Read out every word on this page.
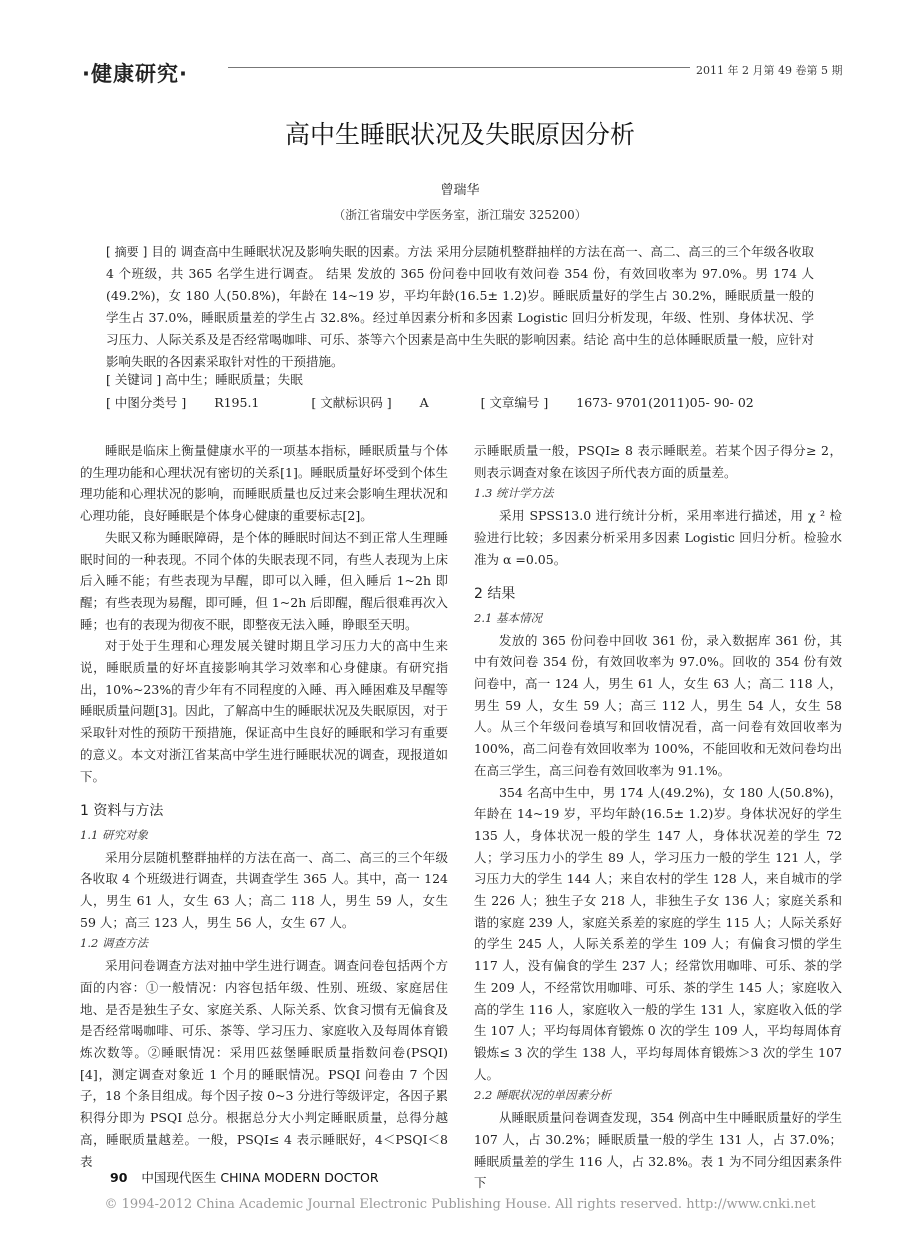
·健康研究·	2011 年 2 月第 49 卷第 5 期
高中生睡眠状况及失眠原因分析
曾瑞华
（浙江省瑞安中学医务室，浙江瑞安 325200）
[ 摘要 ] 目的 调查高中生睡眠状况及影响失眠的因素。方法 采用分层随机整群抽样的方法在高一、高二、高三的三个年级各收取 4 个班级，共 365 名学生进行调查。 结果 发放的 365 份问卷中回收有效问卷 354 份，有效回收率为 97.0%。男 174 人(49.2%)，女 180 人(50.8%)，年龄在 14~19 岁，平均年龄(16.5± 1.2)岁。睡眠质量好的学生占 30.2%，睡眠质量一般的学生占 37.0%，睡眠质量差的学生占 32.8%。经过单因素分析和多因素 Logistic 回归分析发现，年级、性别、身体状况、学习压力、人际关系及是否经常喝咖啡、可乐、茶等六个因素是高中生失眠的影响因素。结论 高中生的总体睡眠质量一般，应针对影响失眠的各因素采取针对性的干预措施。
[ 关键词 ] 高中生；睡眠质量；失眠
[ 中图分类号 ] R195.1	[ 文献标识码 ] A	[ 文章编号 ] 1673- 9701(2011)05- 90- 02

睡眠是临床上衡量健康水平的一项基本指标，睡眠质量与个体的生理功能和心理状况有密切的关系[1]。睡眠质量好坏受到个体生理功能和心理状况的影响，而睡眠质量也反过来会影响生理状况和心理功能，良好睡眠是个体身心健康的重要标志[2]。

失眠又称为睡眠障碍，是个体的睡眠时间达不到正常人生理睡眠时间的一种表现。不同个体的失眠表现不同，有些人表现为上床后入睡不能；有些表现为早醒，即可以入睡，但入睡后 1~2h 即醒；有些表现为易醒，即可睡，但 1~2h 后即醒，醒后很难再次入睡；也有的表现为彻夜不眠，即整夜无法入睡，睁眼至天明。

对于处于生理和心理发展关键时期且学习压力大的高中生来说，睡眠质量的好坏直接影响其学习效率和心身健康。有研究指出，10%~23%的青少年有不同程度的入睡、再入睡困难及早醒等睡眠质量问题[3]。因此，了解高中生的睡眠状况及失眠原因，对于采取针对性的预防干预措施，保证高中生良好的睡眠和学习有重要的意义。本文对浙江省某高中学生进行睡眠状况的调查，现报道如下。

1 资料与方法
1.1 研究对象

采用分层随机整群抽样的方法在高一、高二、高三的三个年级各收取 4 个班级进行调查，共调查学生 365 人。其中，高一 124 人，男生 61 人，女生 63 人；高二 118 人，男生 59 人，女生 59 人；高三 123 人，男生 56 人，女生 67 人。

1.2 调查方法

采用问卷调查方法对抽中学生进行调查。调查问卷包括两个方面的内容：①一般情况：内容包括年级、性别、班级、家庭居住地、是否是独生子女、家庭关系、人际关系、饮食习惯有无偏食及是否经常喝咖啡、可乐、茶等、学习压力、家庭收入及每周体育锻炼次数等。②睡眠情况：采用匹兹堡睡眠质量指数问卷(PSQI)[4]，测定调查对象近 1 个月的睡眠情况。PSQI 问卷由 7 个因子，18 个条目组成。每个因子按 0~3 分进行等级评定，各因子累积得分即为 PSQI 总分。根据总分大小判定睡眠质量，总得分越高，睡眠质量越差。一般，PSQI≤ 4 表示睡眠好，4＜PSQI＜8 表

示睡眠质量一般，PSQI≥ 8 表示睡眠差。若某个因子得分≥ 2，则表示调查对象在该因子所代表方面的质量差。

1.3 统计学方法

采用 SPSS13.0 进行统计分析，采用率进行描述，用 χ ² 检验进行比较；多因素分析采用多因素 Logistic 回归分析。检验水准为 α =0.05。

2 结果
2.1 基本情况

发放的 365 份问卷中回收 361 份，录入数据库 361 份，其中有效问卷 354 份，有效回收率为 97.0%。回收的 354 份有效问卷中，高一 124 人，男生 61 人，女生 63 人；高二 118 人，男生 59 人，女生 59 人；高三 112 人，男生 54 人，女生 58 人。从三个年级问卷填写和回收情况看，高一问卷有效回收率为 100%，高二问卷有效回收率为 100%，不能回收和无效问卷均出在高三学生，高三问卷有效回收率为 91.1%。

354 名高中生中，男 174 人(49.2%)，女 180 人(50.8%)，年龄在 14~19 岁，平均年龄(16.5± 1.2)岁。身体状况好的学生 135 人，身体状况一般的学生 147 人，身体状况差的学生 72 人；学习压力小的学生 89 人，学习压力一般的学生 121 人，学习压力大的学生 144 人；来自农村的学生 128 人，来自城市的学生 226 人；独生子女 218 人，非独生子女 136 人；家庭关系和谐的家庭 239 人，家庭关系差的家庭的学生 115 人；人际关系好的学生 245 人，人际关系差的学生 109 人；有偏食习惯的学生 117 人，没有偏食的学生 237 人；经常饮用咖啡、可乐、茶的学生 209 人，不经常饮用咖啡、可乐、茶的学生 145 人；家庭收入高的学生 116 人，家庭收入一般的学生 131 人，家庭收入低的学生 107 人；平均每周体育锻炼 0 次的学生 109 人，平均每周体育锻炼≤ 3 次的学生 138 人，平均每周体育锻炼＞3 次的学生 107 人。

2.2 睡眠状况的单因素分析

从睡眠质量问卷调查发现，354 例高中生中睡眠质量好的学生 107 人，占 30.2%；睡眠质量一般的学生 131 人，占 37.0%；睡眠质量差的学生 116 人，占 32.8%。表 1 为不同分组因素条件下

90 中国现代医生 CHINA MODERN DOCTOR
© 1994-2012 China Academic Journal Electronic Publishing House. All rights reserved. http://www.cnki.net
